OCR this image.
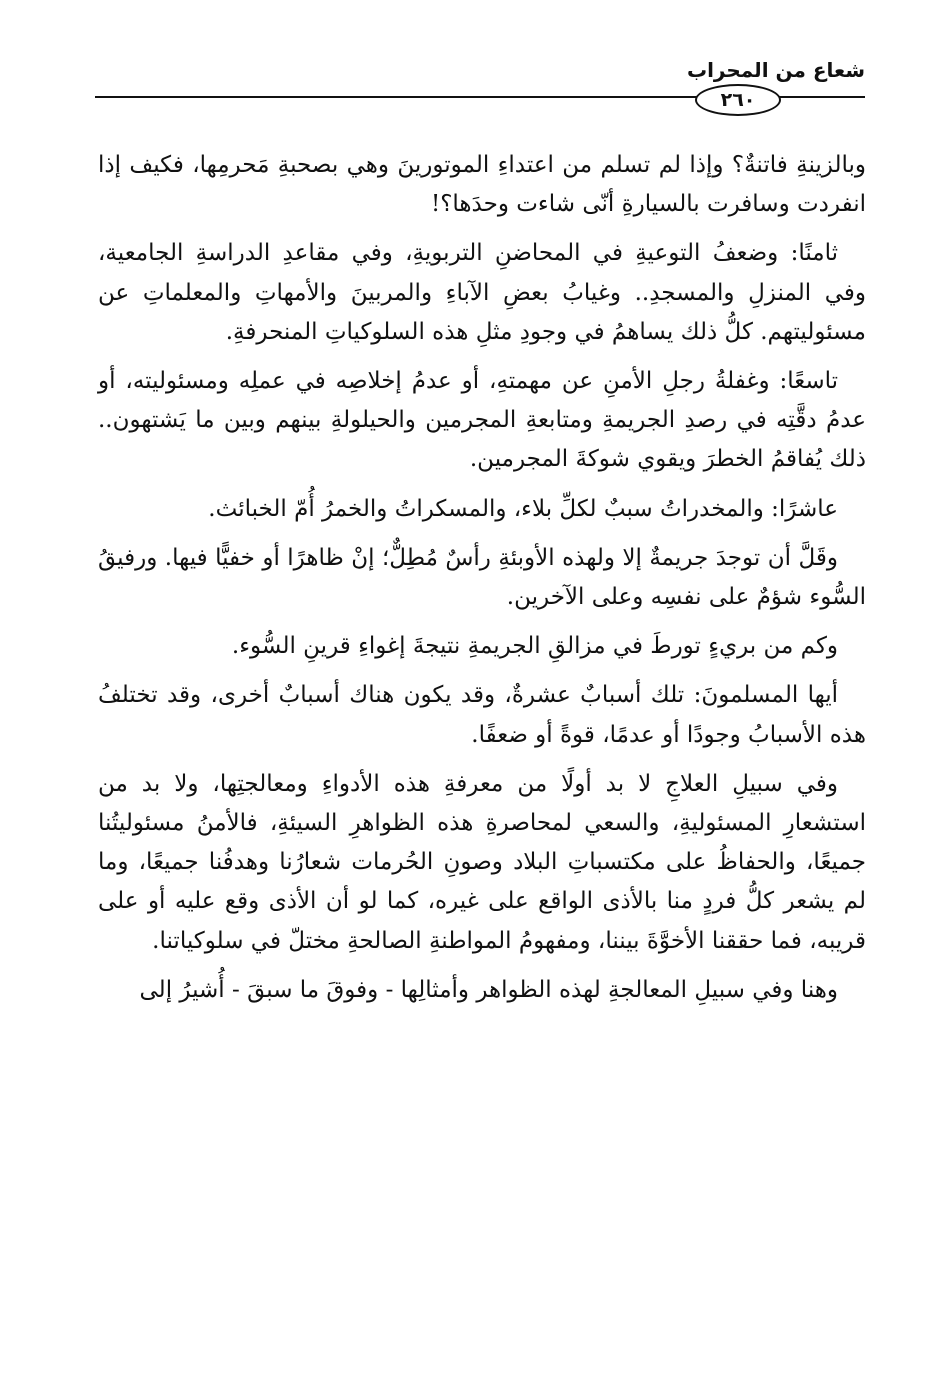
شعاع من المحراب
٢٦٠

وبالزينةِ فاتنةٌ؟ وإذا لم تسلم من اعتداءِ الموتورينَ وهي بصحبةِ مَحرمِها، فكيف إذا انفردت وسافرت بالسيارةِ أنّى شاءت وحدَها؟!

ثامنًا: وضعفُ التوعيةِ في المحاضنِ التربويةِ، وفي مقاعدِ الدراسةِ الجامعية، وفي المنزلِ والمسجدِ.. وغيابُ بعضِ الآباءِ والمربينَ والأمهاتِ والمعلماتِ عن مسئوليتهم. كلُّ ذلك يساهمُ في وجودِ مثلِ هذه السلوكياتِ المنحرفةِ.

تاسعًا: وغفلةُ رجلِ الأمنِ عن مهمتهِ، أو عدمُ إخلاصِه في عملِه ومسئوليته، أو عدمُ دقَّتِه في رصدِ الجريمةِ ومتابعةِ المجرمين والحيلولةِ بينهم وبين ما يَشتهون.. ذلك يُفاقمُ الخطرَ ويقوي شوكةَ المجرمين.

عاشرًا: والمخدراتُ سببٌ لكلِّ بلاء، والمسكراتُ والخمرُ أُمّ الخبائث.

وقَلَّ أن توجدَ جريمةٌ إلا ولهذه الأوبئةِ رأسٌ مُطِلٌّ؛ إنْ ظاهرًا أو خفيًّا فيها. ورفيقُ السُّوء شؤمٌ على نفسِه وعلى الآخرين.

وكم من بريءٍ تورطَ في مزالقِ الجريمةِ نتيجةَ إغواءِ قرينِ السُّوء.

أيها المسلمونَ: تلك أسبابٌ عشرةٌ، وقد يكون هناك أسبابٌ أخرى، وقد تختلفُ هذه الأسبابُ وجودًا أو عدمًا، قوةً أو ضعفًا.

وفي سبيلِ العلاجِ لا بد أولًا من معرفةِ هذه الأدواءِ ومعالجتِها، ولا بد من استشعارِ المسئوليةِ، والسعي لمحاصرةِ هذه الظواهرِ السيئةِ، فالأمنُ مسئوليتُنا جميعًا، والحفاظُ على مكتسباتِ البلاد وصونِ الحُرمات شعارُنا وهدفُنا جميعًا، وما لم يشعر كلُّ فردٍ منا بالأذى الواقع على غيره، كما لو أن الأذى وقع عليه أو على قريبه، فما حققنا الأخوَّةَ بيننا، ومفهومُ المواطنةِ الصالحةِ مختلّ في سلوكياتنا.

وهنا وفي سبيلِ المعالجةِ لهذه الظواهر وأمثالِها - وفوقَ ما سبقَ - أُشيرُ إلى
